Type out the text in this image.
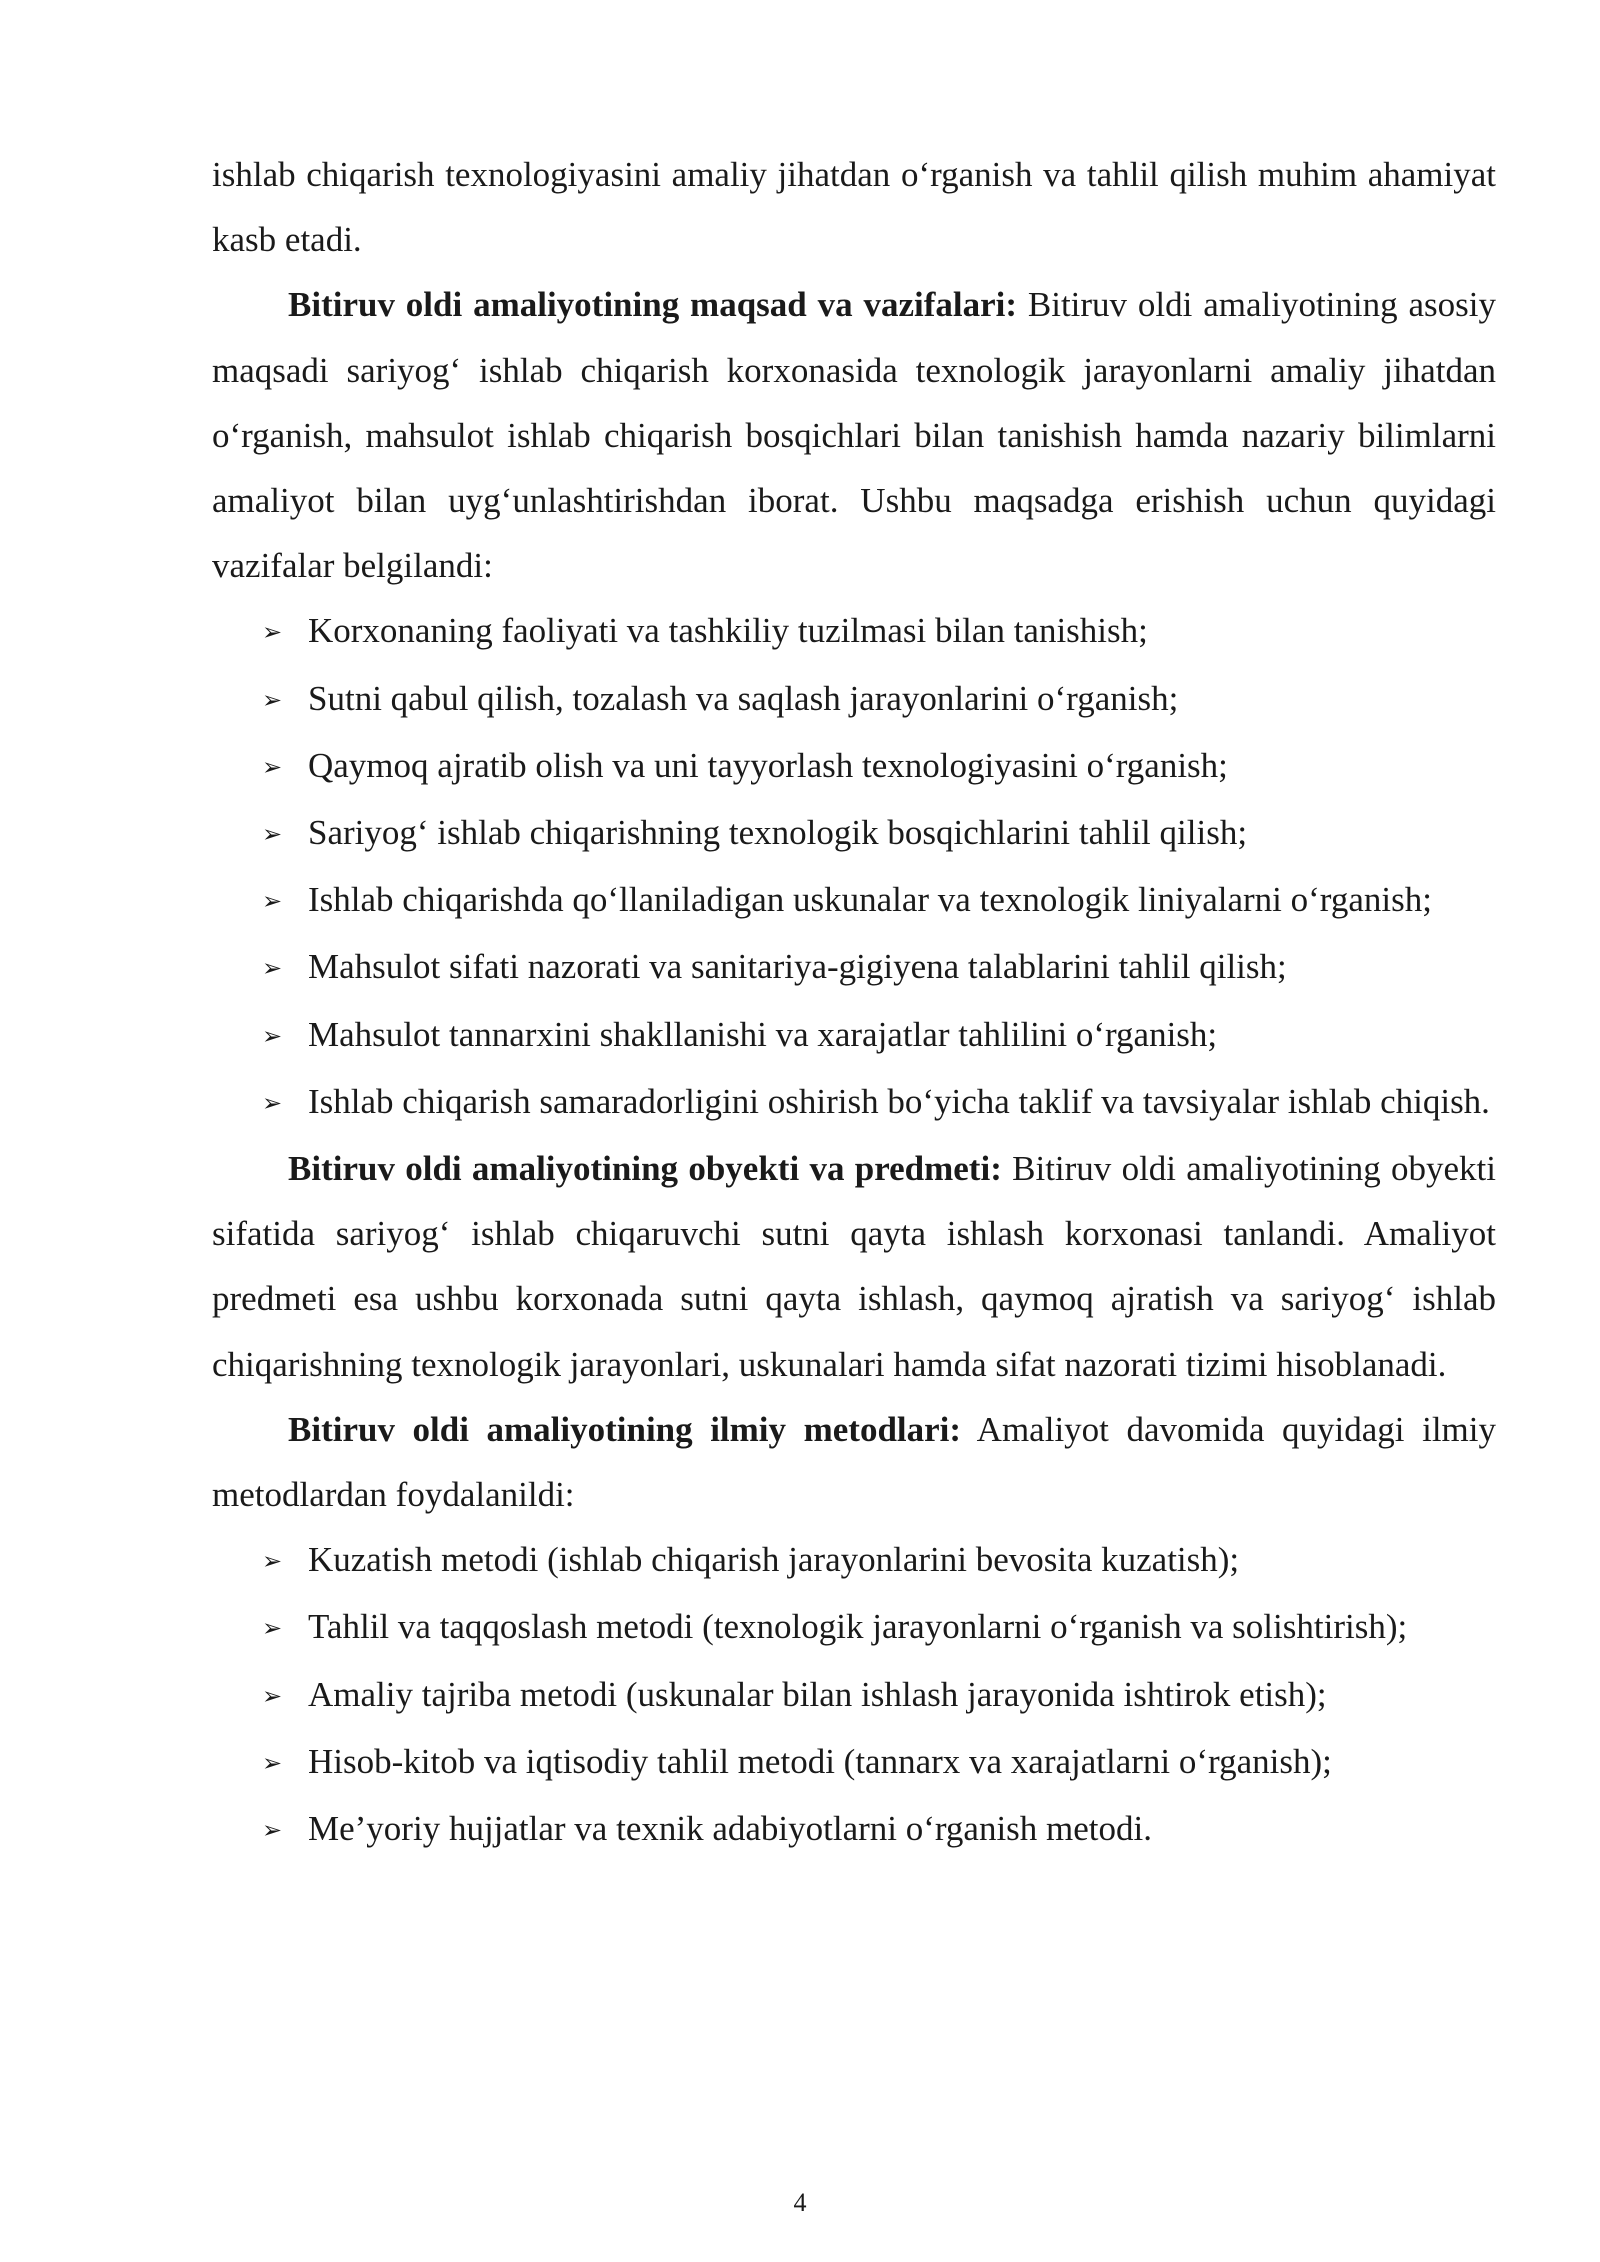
ishlab chiqarish texnologiyasini amaliy jihatdan o‘rganish va tahlil qilish muhim ahamiyat kasb etadi.

Bitiruv oldi amaliyotining maqsad va vazifalari: Bitiruv oldi amaliyotining asosiy maqsadi sariyog‘ ishlab chiqarish korxonasida texnologik jarayonlarni amaliy jihatdan o‘rganish, mahsulot ishlab chiqarish bosqichlari bilan tanishish hamda nazariy bilimlarni amaliyot bilan uyg‘unlashtirishdan iborat. Ushbu maqsadga erishish uchun quyidagi vazifalar belgilandi:

➢ Korxonaning faoliyati va tashkiliy tuzilmasi bilan tanishish;

➢ Sutni qabul qilish, tozalash va saqlash jarayonlarini o‘rganish;

➢ Qaymoq ajratib olish va uni tayyorlash texnologiyasini o‘rganish;

➢ Sariyog‘ ishlab chiqarishning texnologik bosqichlarini tahlil qilish;

➢ Ishlab chiqarishda qo‘llaniladigan uskunalar va texnologik liniyalarni o‘rganish;

➢ Mahsulot sifati nazorati va sanitariya-gigiyena talablarini tahlil qilish;

➢ Mahsulot tannarxini shakllanishi va xarajatlar tahlilini o‘rganish;

➢ Ishlab chiqarish samaradorligini oshirish bo‘yicha taklif va tavsiyalar ishlab chiqish.

Bitiruv oldi amaliyotining obyekti va predmeti: Bitiruv oldi amaliyotining obyekti sifatida sariyog‘ ishlab chiqaruvchi sutni qayta ishlash korxonasi tanlandi. Amaliyot predmeti esa ushbu korxonada sutni qayta ishlash, qaymoq ajratish va sariyog‘ ishlab chiqarishning texnologik jarayonlari, uskunalari hamda sifat nazorati tizimi hisoblanadi.

Bitiruv oldi amaliyotining ilmiy metodlari: Amaliyot davomida quyidagi ilmiy metodlardan foydalanildi:

➢ Kuzatish metodi (ishlab chiqarish jarayonlarini bevosita kuzatish);

➢ Tahlil va taqqoslash metodi (texnologik jarayonlarni o‘rganish va solishtirish);

➢ Amaliy tajriba metodi (uskunalar bilan ishlash jarayonida ishtirok etish);

➢ Hisob-kitob va iqtisodiy tahlil metodi (tannarx va xarajatlarni o‘rganish);

➢ Me’yoriy hujjatlar va texnik adabiyotlarni o‘rganish metodi.

4
